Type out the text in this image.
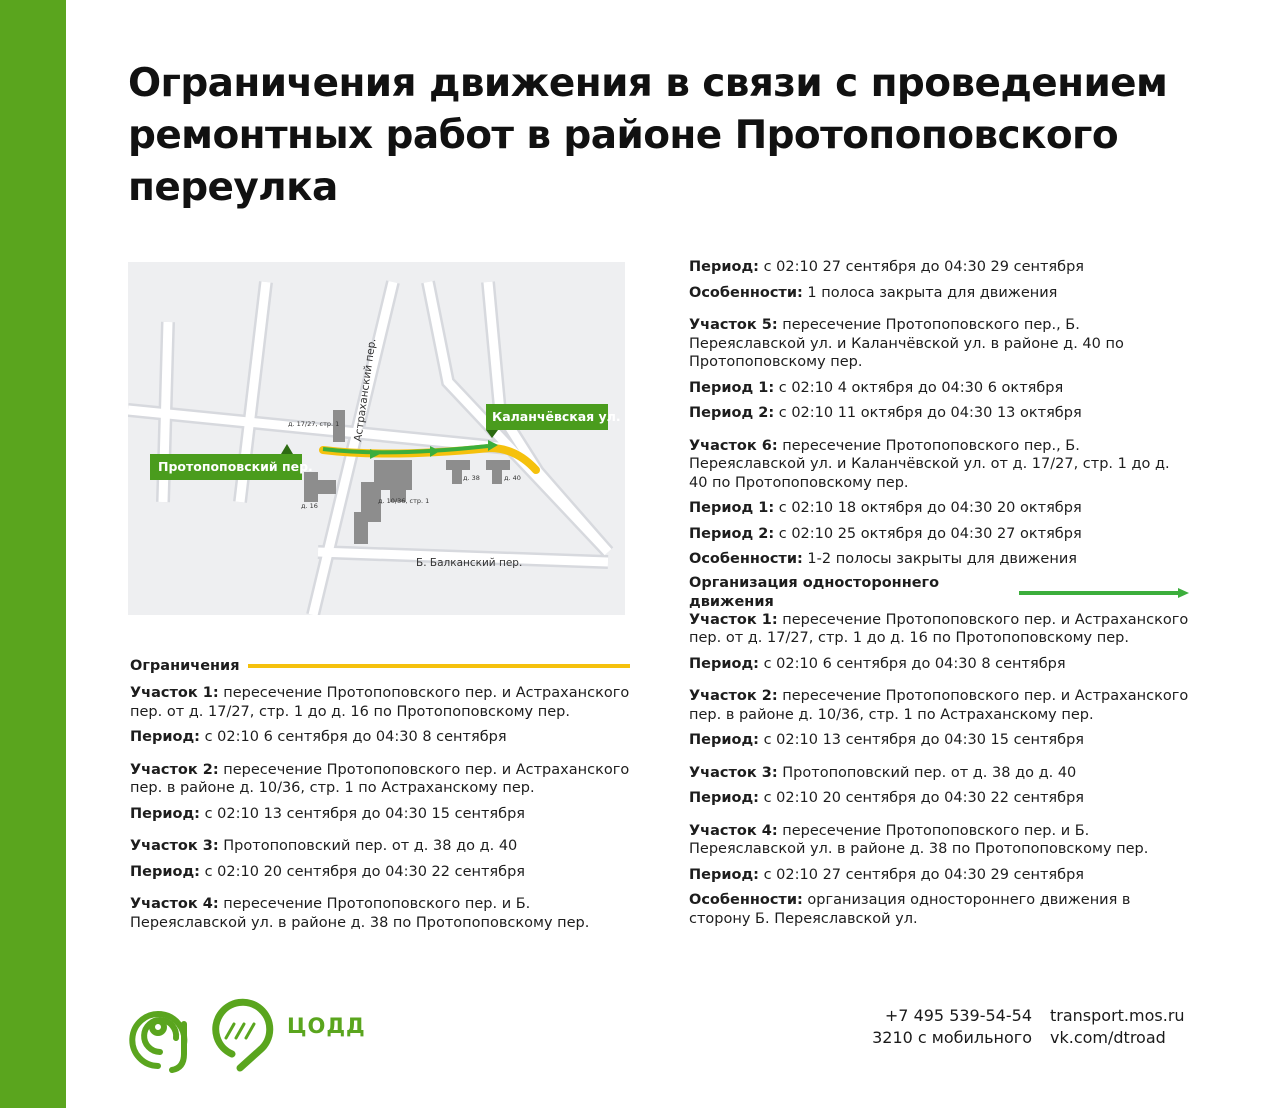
Ограничения движения в связи с проведением ремонтных работ в районе Протопоповского переулка
Протопоповский пер.
Каланчёвская ул.
Астраханский пер.
Б. Балканский пер.
д. 17/27, стр. 1
д. 16
д. 10/36, стр. 1
д. 38	д. 40
Ограничения

Участок 1: пересечение Протопоповского пер. и Астраханского пер. от д. 17/27, стр. 1 до д. 16 по Протопоповскому пер.

Период: с 02:10 6 сентября до 04:30 8 сентября

Участок 2: пересечение Протопоповского пер. и Астраханского пер. в районе д. 10/36, стр. 1 по Астраханскому пер.

Период: с 02:10 13 сентября до 04:30 15 сентября

Участок 3: Протопоповский пер. от д. 38 до д. 40

Период: с 02:10 20 сентября до 04:30 22 сентября

Участок 4: пересечение Протопоповского пер. и Б. Переяславской ул. в районе д. 38 по Протопоповскому пер.

Период: с 02:10 27 сентября до 04:30 29 сентября

Особенности: 1 полоса закрыта для движения

Участок 5: пересечение Протопоповского пер., Б. Переяславской ул. и Каланчёвской ул. в районе д. 40 по Протопоповскому пер.

Период 1: с 02:10 4 октября до 04:30 6 октября

Период 2: с 02:10 11 октября до 04:30 13 октября

Участок 6: пересечение Протопоповского пер., Б. Переяславской ул. и Каланчёвской ул. от д. 17/27, стр. 1 до д. 40 по Протопоповскому пер.

Период 1: с 02:10 18 октября до 04:30 20 октября

Период 2: с 02:10 25 октября до 04:30 27 октября

Особенности: 1-2 полосы закрыты для движения

Организация одностороннего движения

Участок 1: пересечение Протопоповского пер. и Астраханского пер. от д. 17/27, стр. 1 до д. 16 по Протопоповскому пер.

Период: с 02:10 6 сентября до 04:30 8 сентября

Участок 2: пересечение Протопоповского пер. и Астраханского пер. в районе д. 10/36, стр. 1 по Астраханскому пер.

Период: с 02:10 13 сентября до 04:30 15 сентября

Участок 3: Протопоповский пер. от д. 38 до д. 40

Период: с 02:10 20 сентября до 04:30 22 сентября

Участок 4: пересечение Протопоповского пер. и Б. Переяславской ул. в районе д. 38 по Протопоповскому пер.

Период: с 02:10 27 сентября до 04:30 29 сентября

Особенности: организация одностороннего движения в сторону Б. Переяславской ул.

ЦОДД	+7 495 539-54-54
3210 с мобильного
transport.mos.ru
vk.com/dtroad
